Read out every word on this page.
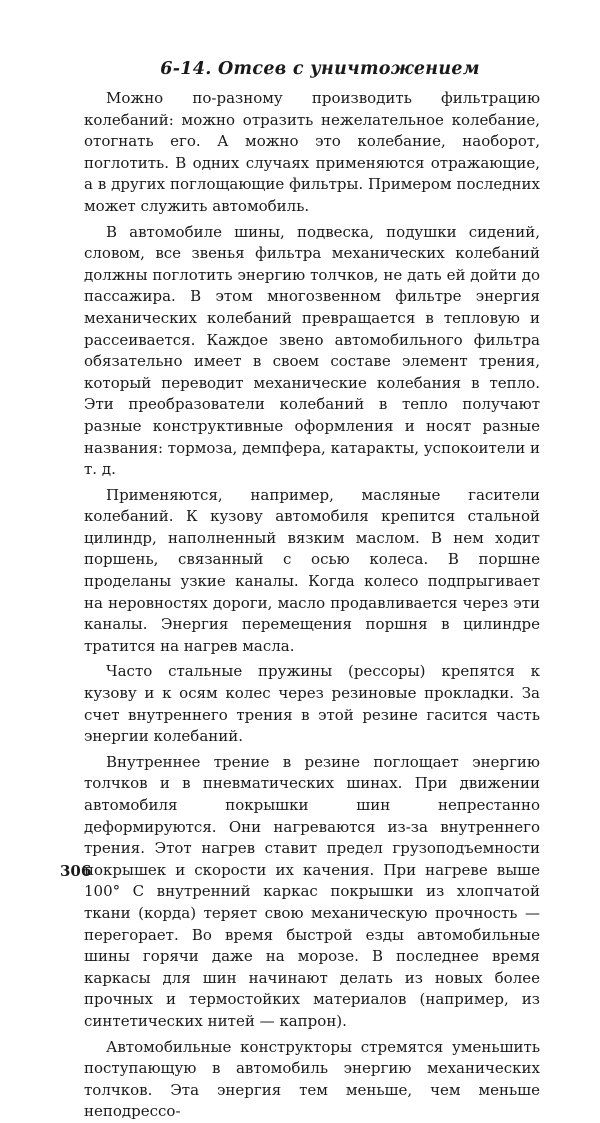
6-14. Отсев с уничтожением

Можно по-разному производить фильтрацию колебаний: можно отразить нежелательное колебание, отогнать его. А можно это колебание, наоборот, поглотить. В одних случаях применяются отражающие, а в других поглощающие фильтры. Примером последних может служить автомобиль.

В автомобиле шины, подвеска, подушки сидений, словом, все звенья фильтра механических колебаний должны поглотить энергию толчков, не дать ей дойти до пассажира. В этом многозвенном фильтре энергия механических колебаний превращается в тепловую и рассеивается. Каждое звено автомобильного фильтра обязательно имеет в своем составе элемент трения, который переводит механические колебания в тепло. Эти преобразователи колебаний в тепло получают разные конструктивные оформления и носят разные названия: тормоза, демпфера, катаракты, успокоители и т. д.

Применяются, например, масляные гасители колебаний. К кузову автомобиля крепится стальной цилиндр, наполненный вязким маслом. В нем ходит поршень, связанный с осью колеса. В поршне проделаны узкие каналы. Когда колесо подпрыгивает на неровностях дороги, масло продавливается через эти каналы. Энергия перемещения поршня в цилиндре тратится на нагрев масла.

Часто стальные пружины (рессоры) крепятся к кузову и к осям колес через резиновые прокладки. За счет внутреннего трения в этой резине гасится часть энергии колебаний.

Внутреннее трение в резине поглощает энергию толчков и в пневматических шинах. При движении автомобиля покрышки шин непрестанно деформируются. Они нагреваются из-за внутреннего трения. Этот нагрев ставит предел грузоподъемности покрышек и скорости их качения. При нагреве выше 100° С внутренний каркас покрышки из хлопчатой ткани (корда) теряет свою механическую прочность — перегорает. Во время быстрой езды автомобильные шины горячи даже на морозе. В последнее время каркасы для шин начинают делать из новых более прочных и термостойких материалов (например, из синтетических нитей — капрон).

Автомобильные конструкторы стремятся уменьшить поступающую в автомобиль энергию механических толчков. Эта энергия тем меньше, чем меньше неподрессо-

306
